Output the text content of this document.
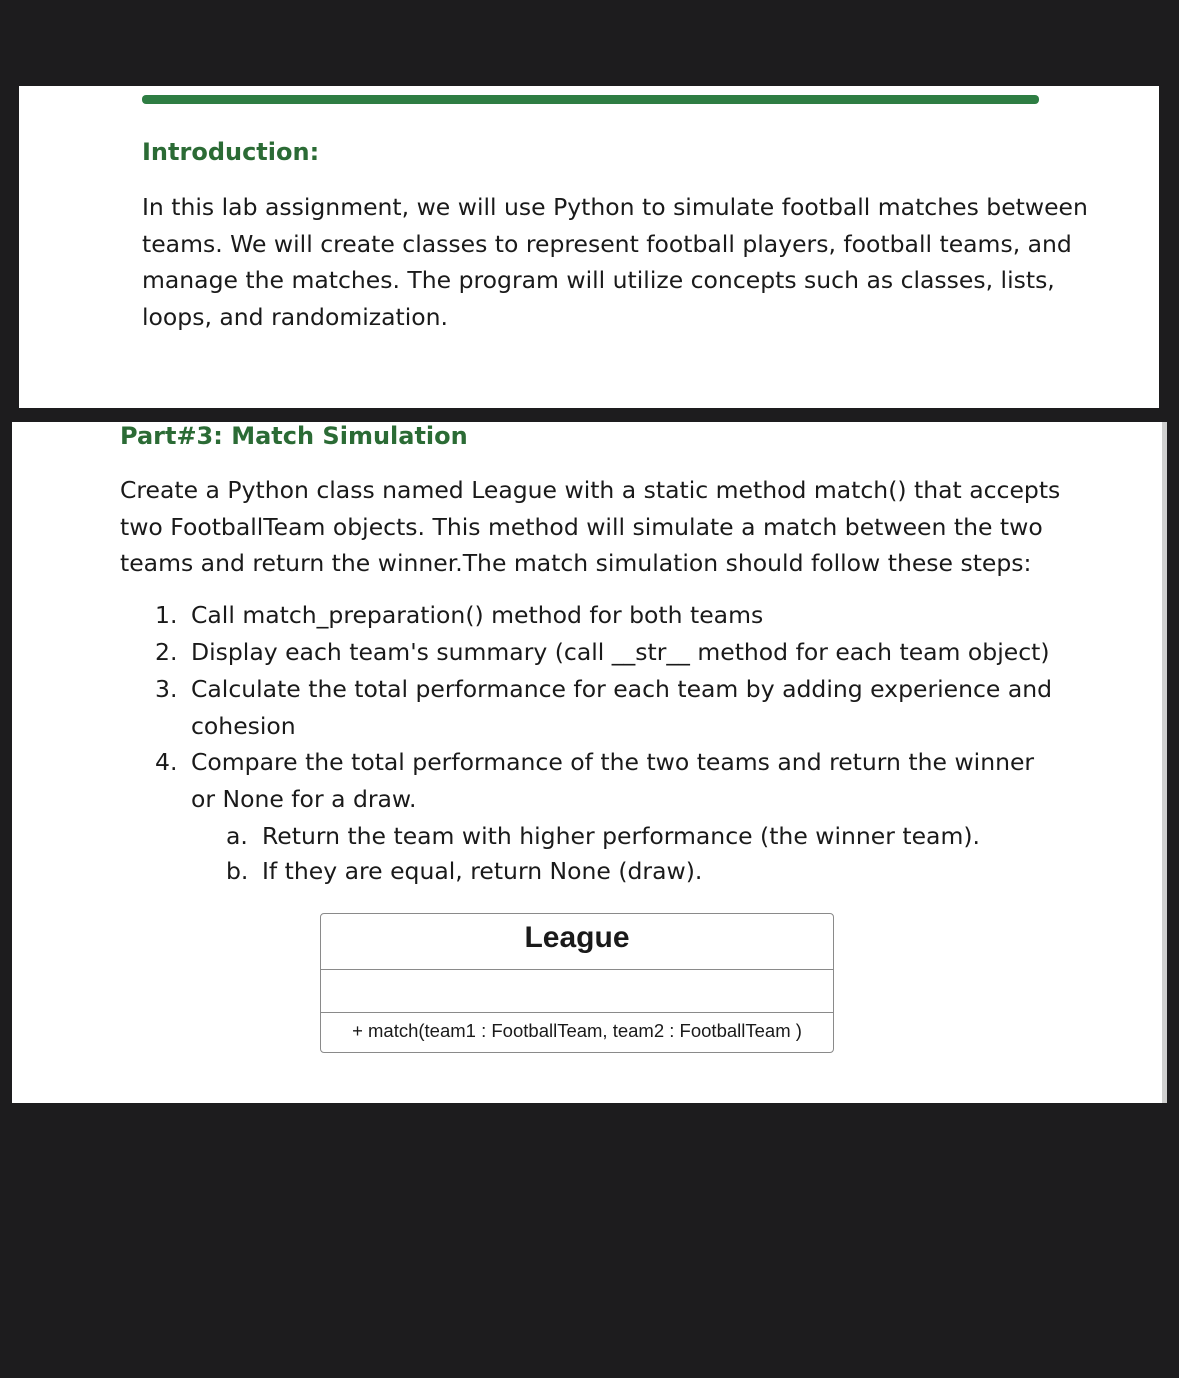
Introduction:
In this lab assignment, we will use Python to simulate football matches between
teams. We will create classes to represent football players, football teams, and
manage the matches. The program will utilize concepts such as classes, lists,
loops, and randomization.
Part#3: Match Simulation
Create a Python class named League with a static method match() that accepts
two FootballTeam objects. This method will simulate a match between the two
teams and return the winner.The match simulation should follow these steps:
1. Call match_preparation() method for both teams
2. Display each team's summary (call __str__ method for each team object)
3. Calculate the total performance for each team by adding experience and
cohesion
4. Compare the total performance of the two teams and return the winner
or None for a draw.
a. Return the team with higher performance (the winner team).
b. If they are equal, return None (draw).
League
+ match(team1 : FootballTeam, team2 : FootballTeam )
